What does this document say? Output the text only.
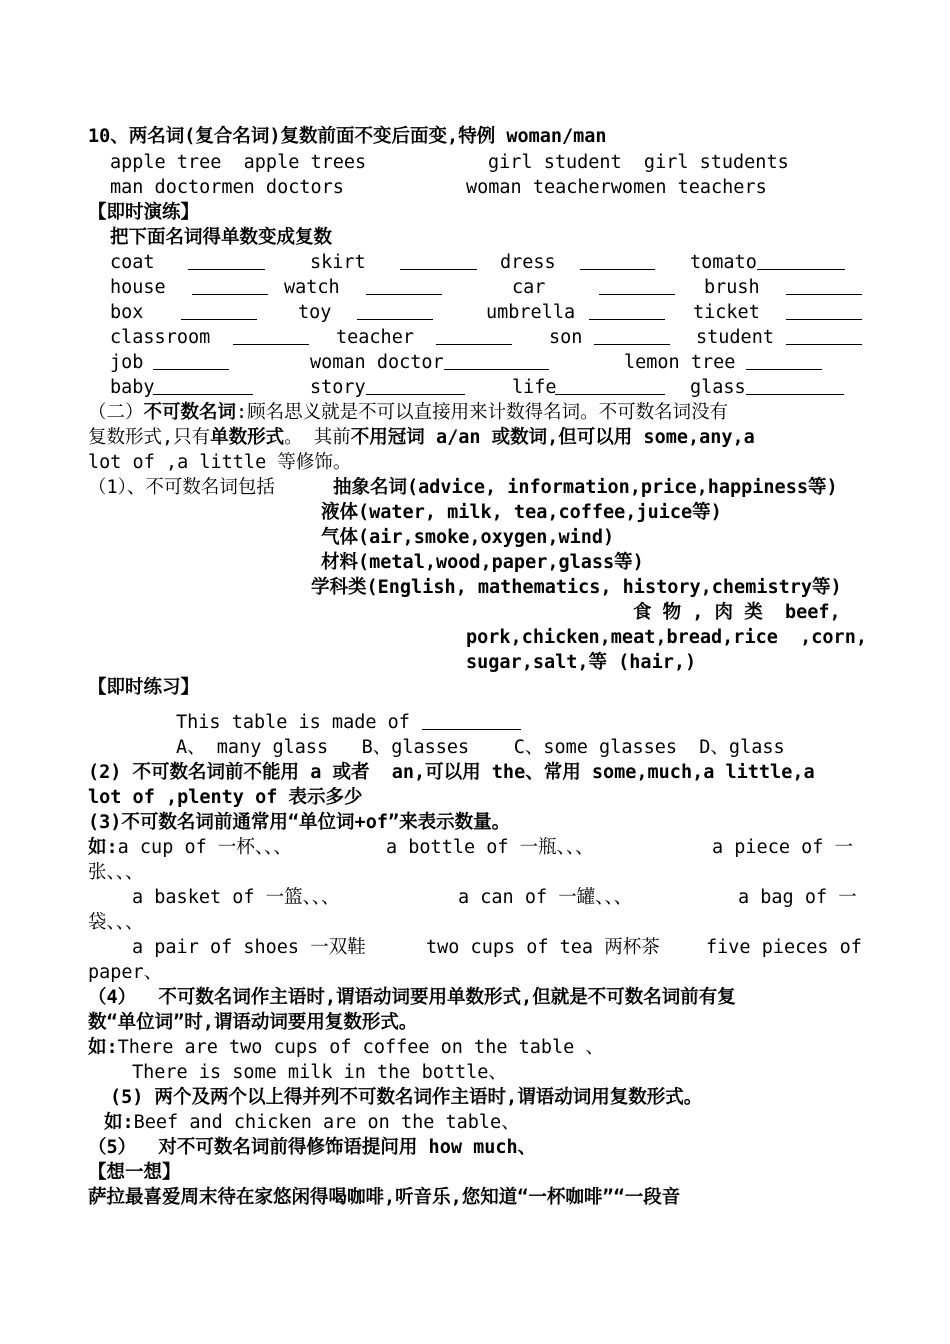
10、两名词(复合名词)复数前面不变后面变,特例 woman/man
apple tree  apple trees	girl student  girl students
man doctormen doctors	woman teacherwomen teachers
【即时演练】
把下面名词得单数变成复数
coat	skirt	dress	tomato
house	watch	car	brush
box	toy	umbrella	ticket
classroom	teacher	son	student
job	woman doctor	lemon tree
baby	story	life	glass
（二）不可数名词:顾名思义就是不可以直接用来计数得名词。不可数名词没有
复数形式,只有单数形式。 其前不用冠词 a/an 或数词,但可以用 some,any,a
lot of ,a little 等修饰。
（1）、不可数名词包括	抽象名词(advice, information,price,happiness等)
液体(water, milk, tea,coffee,juice等)
气体(air,smoke,oxygen,wind)
材料(metal,wood,paper,glass等)
学科类(English, mathematics, history,chemistry等)
食 物 , 肉 类  beef,
pork,chicken,meat,bread,rice  ,corn,
sugar,salt,等 (hair,)
【即时练习】
This table is made of
A、 many glass   B、glasses    C、some glasses  D、glass
(2) 不可数名词前不能用 a 或者  an,可以用 the、常用 some,much,a little,a
lot of ,plenty of 表示多少
(3)不可数名词前通常用“单位词+of”来表示数量。
如:a cup of 一杯、、、	a bottle of 一瓶、、、	a piece of 一
张、、、
a basket of 一篮、、、	a can of 一罐、、、	a bag of 一
袋、、、
a pair of shoes 一双鞋	two cups of tea 两杯茶	five pieces of
paper、
（4）  不可数名词作主语时,谓语动词要用单数形式,但就是不可数名词前有复
数“单位词”时,谓语动词要用复数形式。
如:There are two cups of coffee on the table 、
There is some milk in the bottle、
(5) 两个及两个以上得并列不可数名词作主语时,谓语动词用复数形式。
如:Beef and chicken are on the table、
（5）  对不可数名词前得修饰语提问用 how much、
【想一想】
萨拉最喜爱周末待在家悠闲得喝咖啡,听音乐,您知道“一杯咖啡”“一段音
